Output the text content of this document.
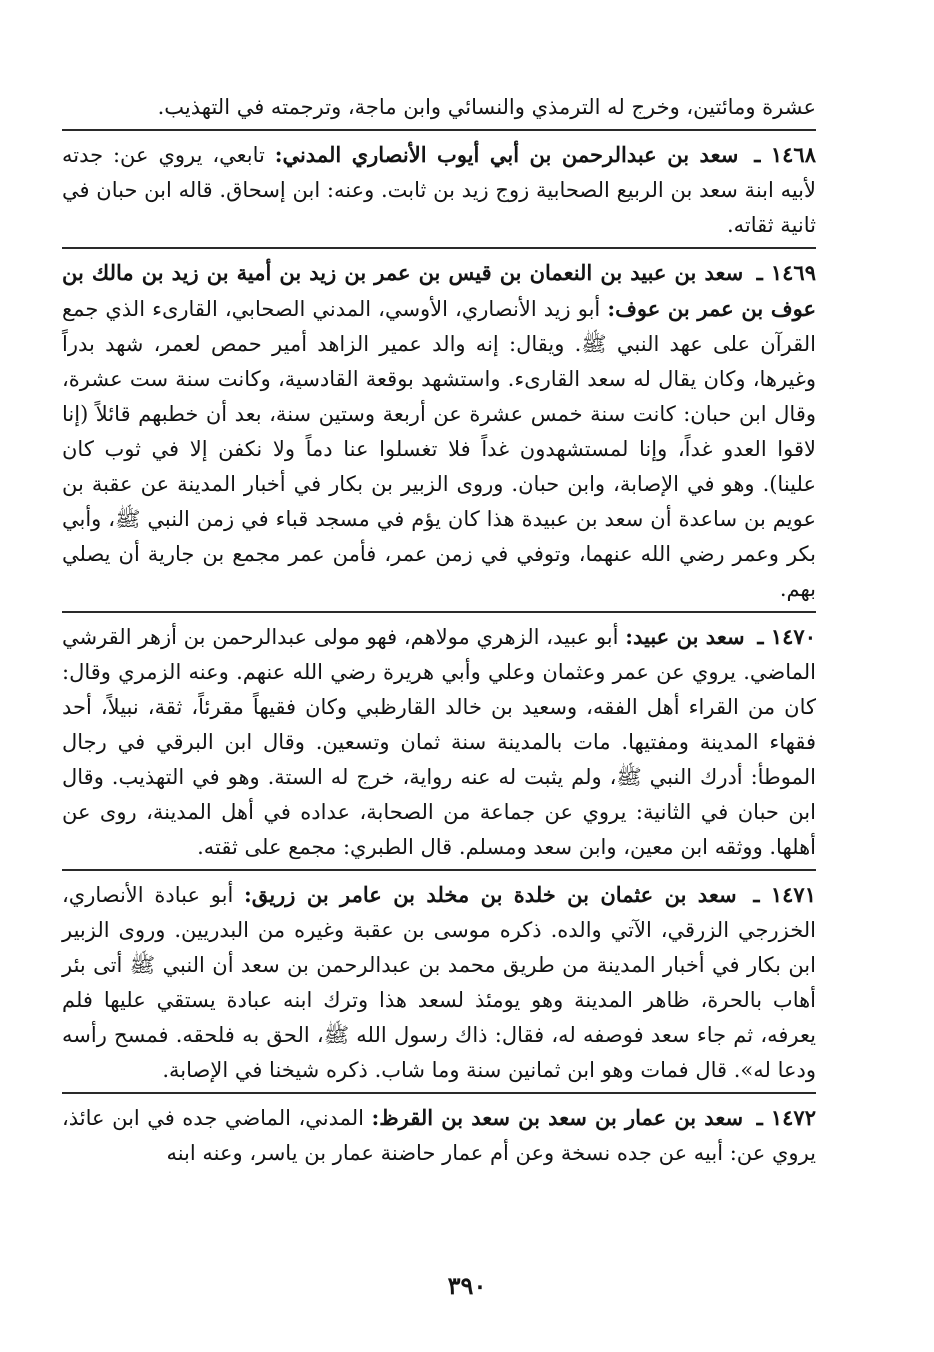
عشرة ومائتين، وخرج له الترمذي والنسائي وابن ماجة، وترجمته في التهذيب.

١٤٦٨ ـ سعد بن عبدالرحمن بن أبي أيوب الأنصاري المدني: تابعي، يروي عن: جدته لأبيه ابنة سعد بن الربيع الصحابية زوج زيد بن ثابت. وعنه: ابن إسحاق. قاله ابن حبان في ثانية ثقاته.
١٤٦٩ ـ سعد بن عبيد بن النعمان بن قيس بن عمر بن زيد بن أمية بن زيد بن مالك بن عوف بن عمر بن عوف: أبو زيد الأنصاري، الأوسي، المدني الصحابي، القارىء الذي جمع القرآن على عهد النبي ﷺ. ويقال: إنه والد عمير الزاهد أمير حمص لعمر، شهد بدراً وغيرها، وكان يقال له سعد القارىء. واستشهد بوقعة القادسية، وكانت سنة ست عشرة، وقال ابن حبان: كانت سنة خمس عشرة عن أربعة وستين سنة، بعد أن خطبهم قائلاً (إنا لاقوا العدو غداً، وإنا لمستشهدون غداً فلا تغسلوا عنا دماً ولا نكفن إلا في ثوب كان علينا). وهو في الإصابة، وابن حبان. وروى الزبير بن بكار في أخبار المدينة عن عقبة بن عويم بن ساعدة أن سعد بن عبيدة هذا كان يؤم في مسجد قباء في زمن النبي ﷺ، وأبي بكر وعمر رضي الله عنهما، وتوفي في زمن عمر، فأمن عمر مجمع بن جارية أن يصلي بهم.
١٤٧٠ ـ سعد بن عبيد: أبو عبيد، الزهري مولاهم، فهو مولى عبدالرحمن بن أزهر القرشي الماضي. يروي عن عمر وعثمان وعلي وأبي هريرة رضي الله عنهم. وعنه الزمري وقال: كان من القراء أهل الفقه، وسعيد بن خالد القارظبي وكان فقيهاً مقرئاً، ثقة، نبيلاً، أحد فقهاء المدينة ومفتيها. مات بالمدينة سنة ثمان وتسعين. وقال ابن البرقي في رجال الموطأ: أدرك النبي ﷺ، ولم يثبت له عنه رواية، خرج له الستة. وهو في التهذيب. وقال ابن حبان في الثانية: يروي عن جماعة من الصحابة، عداده في أهل المدينة، روى عن أهلها. ووثقه ابن معين، وابن سعد ومسلم. قال الطبري: مجمع على ثقته.
١٤٧١ ـ سعد بن عثمان بن خلدة بن مخلد بن عامر بن زريق: أبو عبادة الأنصاري، الخزرجي الزرقي، الآتي والده. ذكره موسى بن عقبة وغيره من البدريين. وروى الزبير ابن بكار في أخبار المدينة من طريق محمد بن عبدالرحمن بن سعد أن النبي ﷺ أتى بئر أهاب بالحرة، ظاهر المدينة وهو يومئذ لسعد هذا وترك ابنه عبادة يستقي عليها فلم يعرفه، ثم جاء سعد فوصفه له، فقال: ذاك رسول الله ﷺ، الحق به فلحقه. فمسح رأسه ودعا له». قال فمات وهو ابن ثمانين سنة وما شاب. ذكره شيخنا في الإصابة.
١٤٧٢ ـ سعد بن عمار بن سعد بن سعد بن القرظ: المدني، الماضي جده في ابن عائذ، يروي عن: أبيه عن جده نسخة وعن أم عمار حاضنة عمار بن ياسر، وعنه ابنه
٣٩٠
